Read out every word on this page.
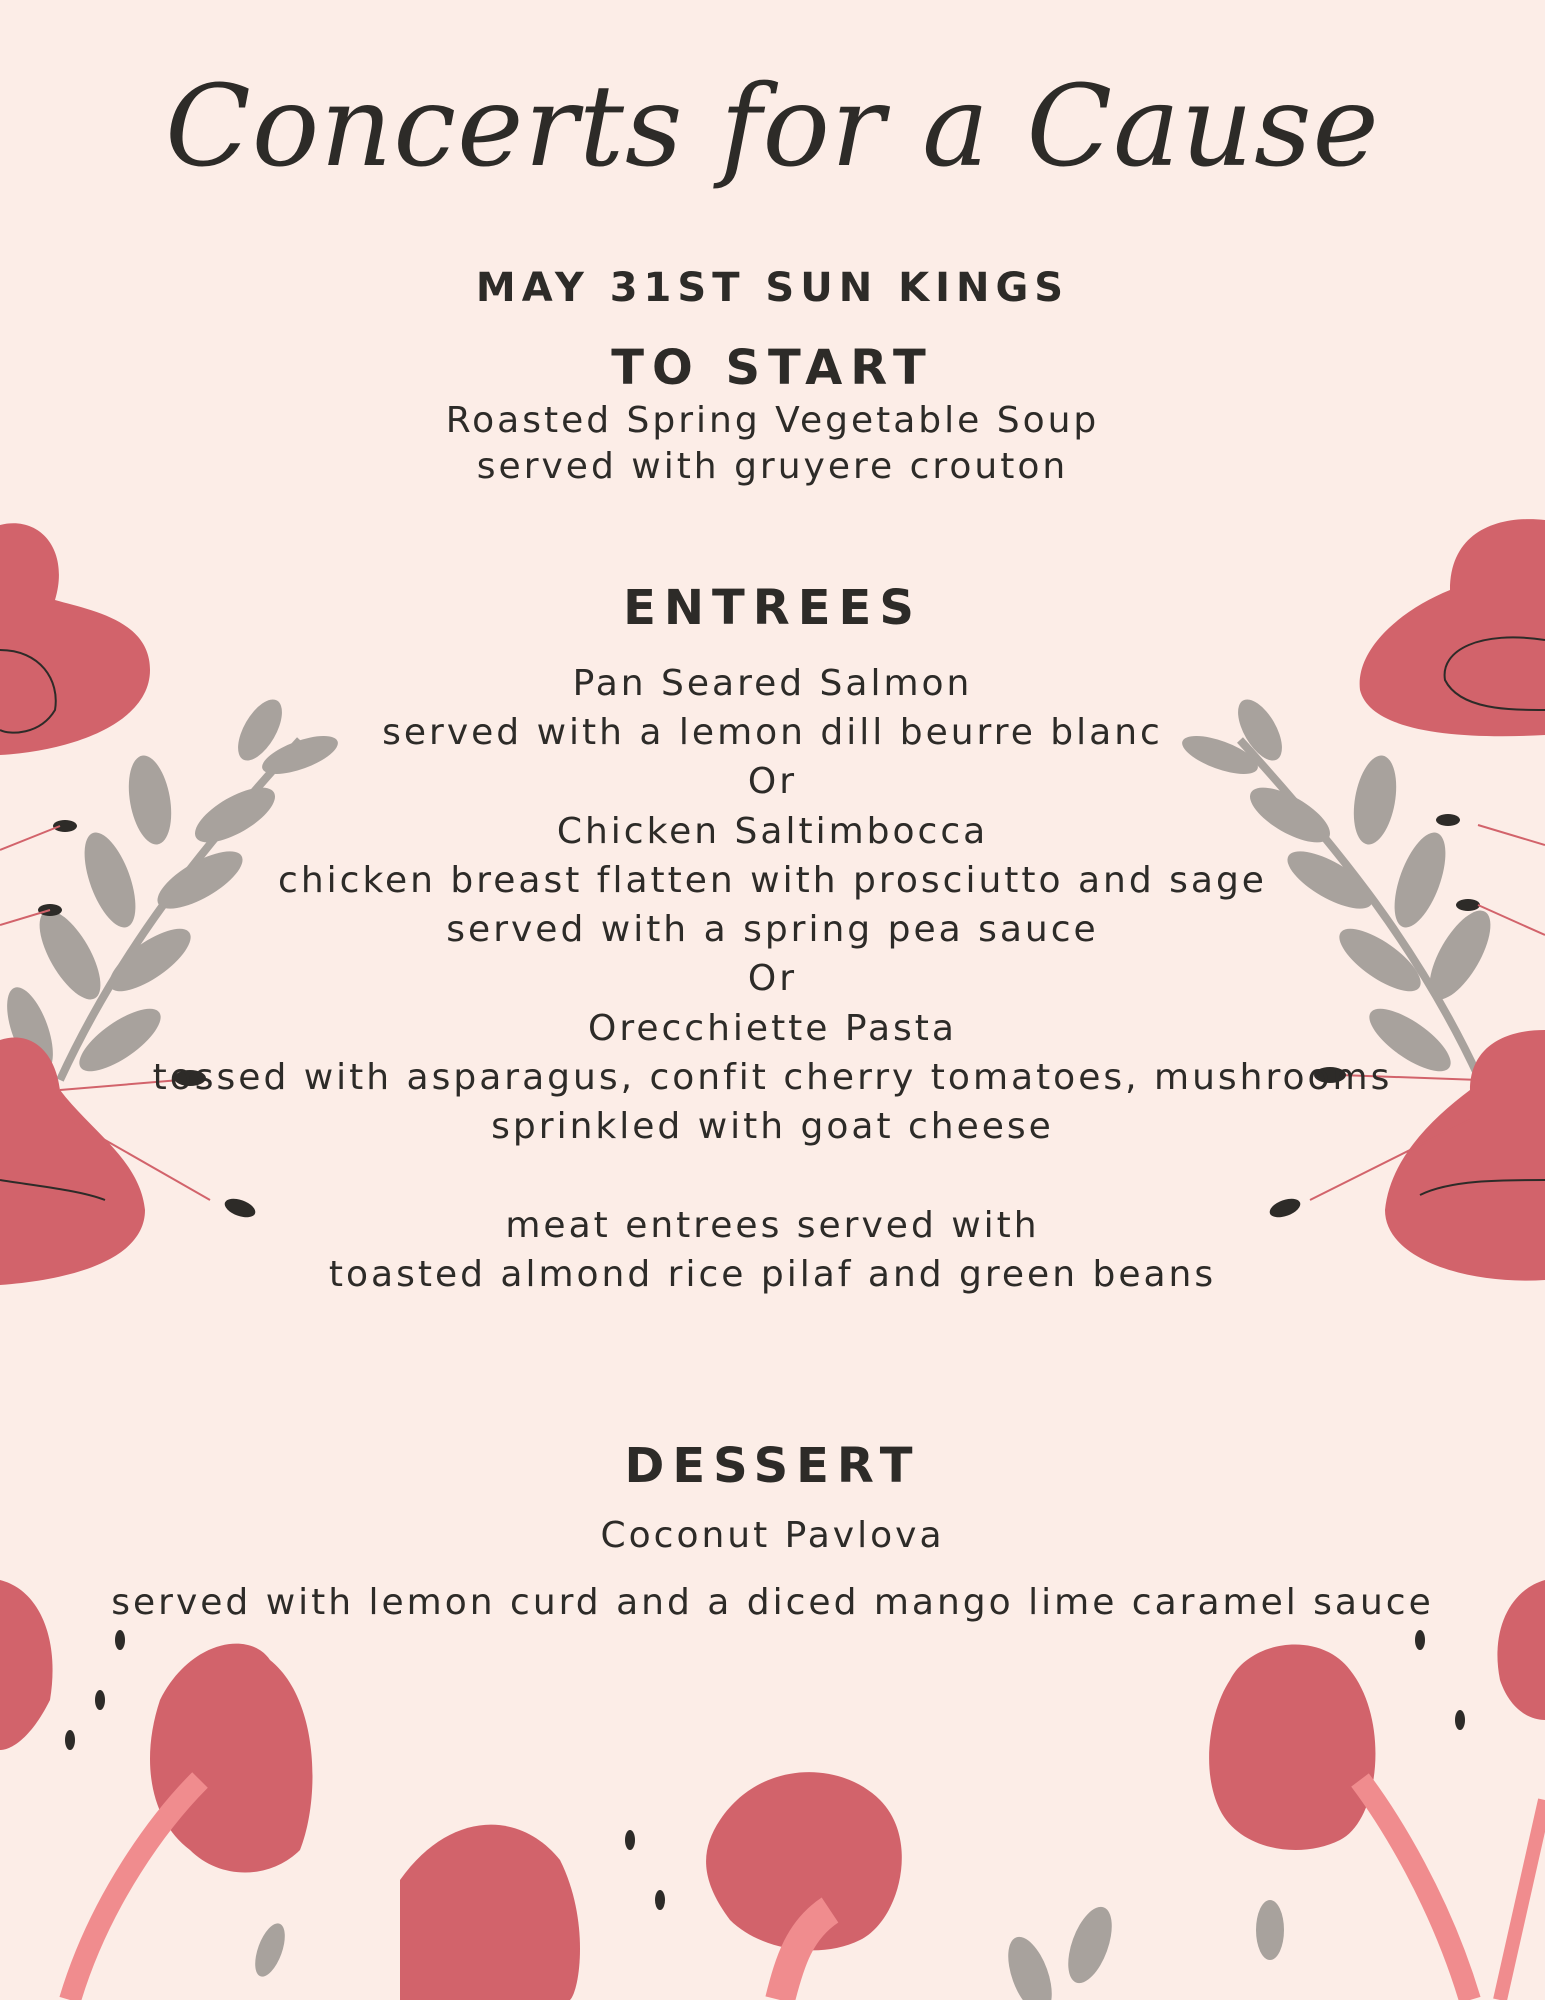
Concerts for a Cause
MAY 31ST SUN KINGS
TO START
Roasted Spring Vegetable Soup
served with gruyere crouton
ENTREES
Pan Seared Salmon
served with a lemon dill beurre blanc
Or
Chicken Saltimbocca
chicken breast flatten with prosciutto and sage
served with a spring pea sauce
Or
Orecchiette Pasta
tossed with asparagus, confit cherry tomatoes, mushrooms
sprinkled with goat cheese
meat entrees served with
toasted almond rice pilaf and green beans
DESSERT
Coconut Pavlova
served with lemon curd and a diced mango lime caramel sauce
